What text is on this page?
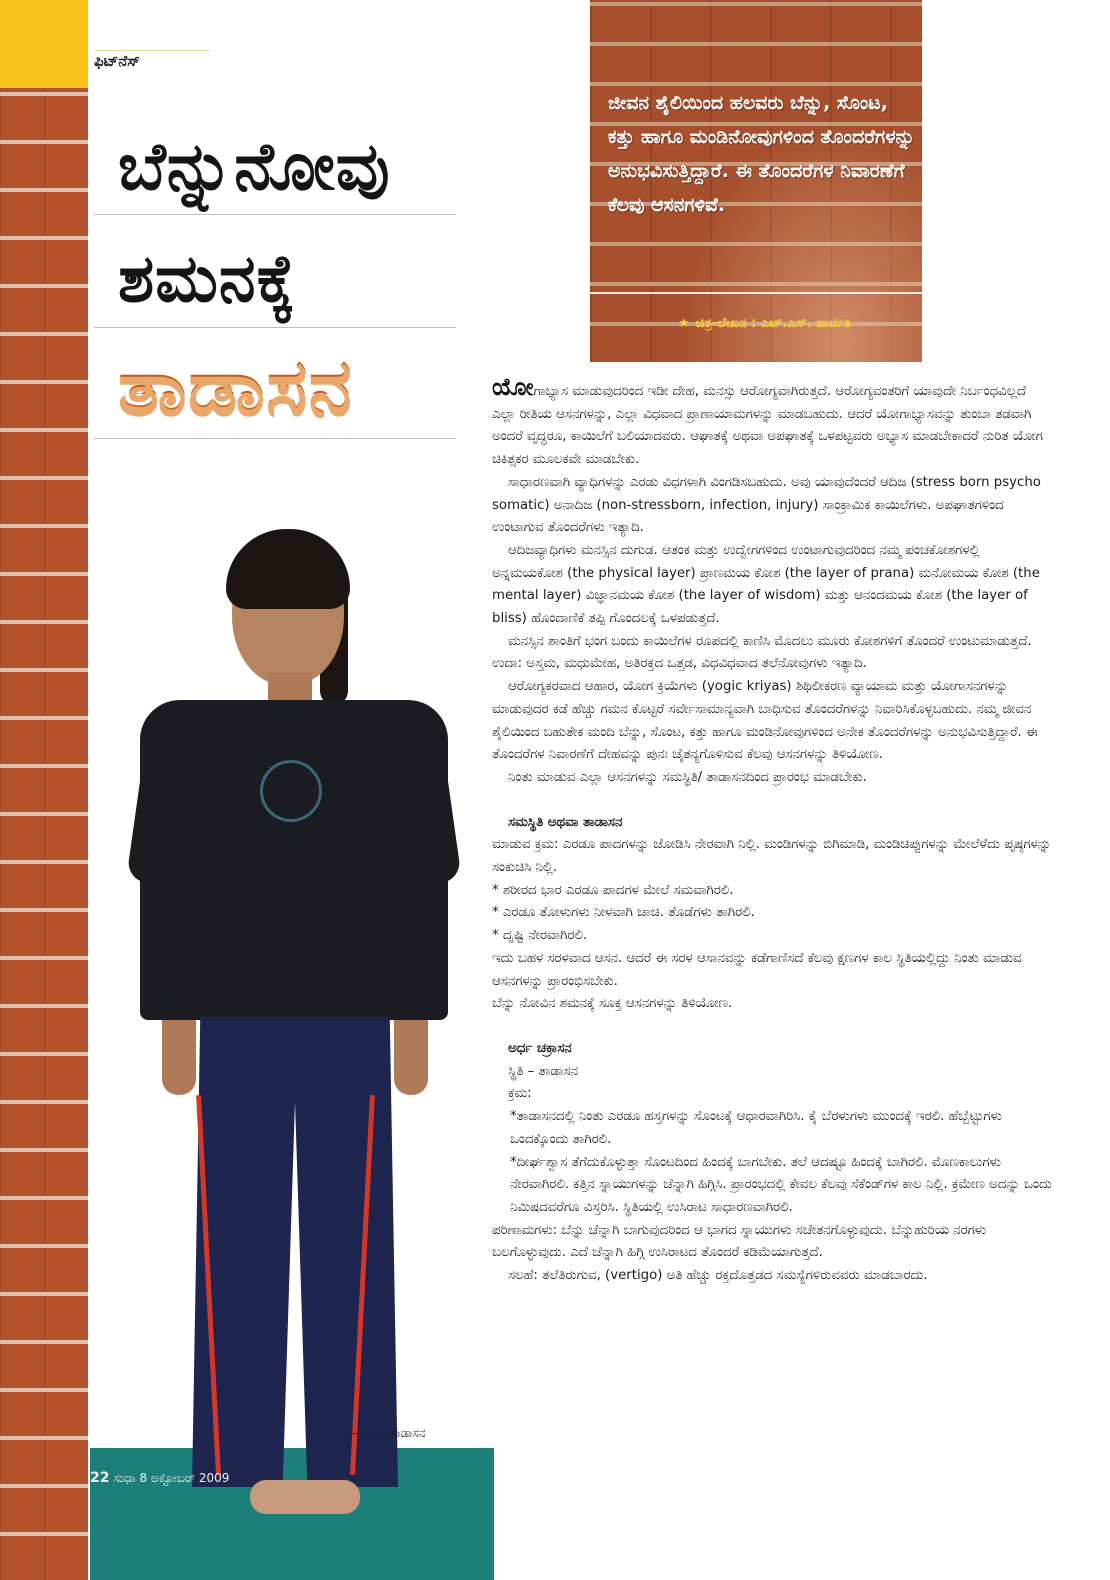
ಫಿಟ್‌ನೆಸ್
ಬೆನ್ನುನೋವು
ಶಮನಕ್ಕೆ
ತಾಡಾಸನ
ಜೀವನ ಶೈಲಿಯಿಂದ ಹಲವರು ಬೆನ್ನು, ಸೊಂಟ, ಕತ್ತು ಹಾಗೂ ಮಂಡಿನೋವುಗಳಿಂದ ತೊಂದರೆಗಳನ್ನು ಅನುಭವಿಸುತ್ತಿದ್ದಾರೆ. ಈ ತೊಂದರೆಗಳ ನಿವಾರಣೆಗೆ ಕೆಲವು ಆಸನಗಳಿವೆ.
★ ಚಿತ್ರ-ಲೇಖನ : ಎಚ್.ಎಸ್. ಪಾರ್ವತಿ
ತಾಡಾಸನ
22 ಸುಧಾ 8 ಅಕ್ಟೋಬರ್ 2009

ಯೋಗಾಭ್ಯಾಸ ಮಾಡುವುದರಿಂದ ಇಡೀ ದೇಹ, ಮನಸ್ಸು ಆರೋಗ್ಯವಾಗಿರುತ್ತದೆ. ಆರೋಗ್ಯವಂತರಿಗೆ ಯಾವುದೇ ನಿರ್ಬಂಧವಿಲ್ಲದೆ ಎಲ್ಲಾ ರೀತಿಯ ಆಸನಗಳನ್ನು, ಎಲ್ಲಾ ವಿಧವಾದ ಪ್ರಾಣಾಯಾಮಗಳನ್ನು ಮಾಡಬಹುದು. ಆದರೆ ಯೋಗಾಭ್ಯಾಸವನ್ನು ತುಂಬಾ ತಡವಾಗಿ ಅಂದರೆ ವೃದ್ಧರೂ, ಕಾಯಿಲೆಗೆ ಬಲಿಯಾದವರು. ಆಘಾತಕ್ಕೆ ಅಥವಾ ಅಪಘಾತಕ್ಕೆ ಒಳಪಟ್ಟವರು ಅಭ್ಯಾಸ ಮಾಡಬೇಕಾದರೆ ನುರಿತ ಯೋಗ ಚಿಕಿತ್ಸಕರ ಮೂಲಕವೇ ಮಾಡಬೇಕು.

ಸಾಧಾರಣವಾಗಿ ವ್ಯಾಧಿಗಳನ್ನು ಎರಡು ವಿಧಗಳಾಗಿ ವಿಂಗಡಿಸಬಹುದು. ಅವು ಯಾವುದೆಂದರೆ ಆದಿಜ (stress born psycho somatic) ಅನಾದಿಜ (non-stressborn, infection, injury) ಸಾಂಕ್ರಾಮಿಕ ಕಾಯಿಲೆಗಳು. ಅಪಘಾತಗಳಿಂದ ಉಂಟಾಗುವ ತೊಂದರೆಗಳು ಇತ್ಯಾದಿ.

ಆದಿಜವ್ಯಾಧಿಗಳು ಮನಸ್ಸಿನ ದುಗುಡ. ಆತಂಕ ಮತ್ತು ಉದ್ವೇಗಗಳಿಂದ ಉಂಟಾಗುವುದರಿಂದ ನಮ್ಮ ಪಂಚಕೋಶಗಳಲ್ಲಿ ಅನ್ನಮಯಕೋಶ (the physical layer) ಪ್ರಾಣಮಯ ಕೋಶ (the layer of prana) ಮನೋಮಯ ಕೋಶ (the mental layer) ವಿಜ್ಞಾನಮಯ ಕೋಶ (the layer of wisdom) ಮತ್ತು ಆನಂದಮಯ ಕೋಶ (the layer of bliss) ಹೊಂದಾಣಿಕೆ ತಪ್ಪಿ ಗೊಂದಲಕ್ಕೆ ಒಳಪಡುತ್ತದೆ.

ಮನಸ್ಸಿನ ಶಾಂತಿಗೆ ಭಂಗ ಬಂದು ಕಾಯಿಲೆಗಳ ರೂಪದಲ್ಲಿ ಕಾಣಿಸಿ ಮೊದಲು ಮೂರು ಕೋಶಗಳಿಗೆ ತೊಂದರೆ ಉಂಟುಮಾಡುತ್ತದೆ. ಉದಾ: ಅಸ್ತಮ, ಮಧುಮೇಹ, ಅತಿರಕ್ತದ ಒತ್ತಡ, ವಿಧವಿಧವಾದ ತಲೆನೋವುಗಳು ಇತ್ಯಾದಿ.

ಆರೋಗ್ಯಕರವಾದ ಆಹಾರ, ಯೋಗ ಕ್ರಿಯೆಗಳು (yogic kriyas) ಶಿಥಿಲೀಕರಣ ವ್ಯಾಯಾಮ ಮತ್ತು ಯೋಗಾಸನಗಳನ್ನು ಮಾಡುವುದರ ಕಡೆ ಹೆಚ್ಚು ಗಮನ ಕೊಟ್ಟರೆ ಸರ್ವೇಸಾಮಾನ್ಯವಾಗಿ ಬಾಧಿಸುವ ತೊಂದರೆಗಳನ್ನು ನಿವಾರಿಸಿಕೊಳ್ಳಬಹುದು. ನಮ್ಮ ಜೀವನ ಶೈಲಿಯಿಂದ ಬಹುತೇಕ ಮಂದಿ ಬೆನ್ನು, ಸೊಂಟ, ಕತ್ತು ಹಾಗೂ ಮಂಡಿನೋವುಗಳಿಂದ ಅನೇಕ ತೊಂದರೆಗಳನ್ನು ಅನುಭವಿಸುತ್ತಿದ್ದಾರೆ. ಈ ತೊಂದರೆಗಳ ನಿವಾರಣೆಗೆ ದೇಹವನ್ನು ಪುನಃ ಚೈತನ್ಯಗೊಳಿಸುವ ಕೆಲವು ಆಸನಗಳನ್ನು ತಿಳಿಯೋಣ.

ನಿಂತು ಮಾಡುವ ಎಲ್ಲಾ ಆಸನಗಳನ್ನು ಸಮಸ್ಥಿತಿ/ ತಾಡಾಸನದಿಂದ ಪ್ರಾರಂಭ ಮಾಡಬೇಕು.

ಸಮಸ್ಥಿತಿ ಅಥವಾ ತಾಡಾಸನ

ಮಾಡುವ ಕ್ರಮ: ಎರಡೂ ಪಾದಗಳನ್ನು ಜೋಡಿಸಿ ನೇರವಾಗಿ ನಿಲ್ಲಿ. ಮಂಡಿಗಳನ್ನು ಬಿಗಿಮಾಡಿ, ಮಂಡಿಚಿಪ್ಪುಗಳನ್ನು ಮೇಲೆಳೆದು ಪೃಷ್ಠಗಳನ್ನು ಸಂಕುಚಿಸಿ ನಿಲ್ಲಿ.

* ಶರೀರದ ಭಾರ ಎರಡೂ ಪಾದಗಳ ಮೇಲೆ ಸಮವಾಗಿರಲಿ.

* ಎರಡೂ ತೋಳುಗಳು ನೀಳವಾಗಿ ಚಾಚಿ. ತೊಡೆಗಳು ತಾಗಿರಲಿ.

* ದೃಷ್ಟಿ ನೇರವಾಗಿರಲಿ.

ಇದು ಬಹಳ ಸರಳವಾದ ಆಸನ. ಆದರೆ ಈ ಸರಳ ಆಸಾನವನ್ನು ಕಡೆಗಾಣಿಸದೆ ಕೆಲವು ಕ್ಷಣಗಳ ಕಾಲ ಸ್ಥಿತಿಯಲ್ಲಿದ್ದು ನಿಂತು ಮಾಡುವ ಆಸನಗಳನ್ನು ಪ್ರಾರಂಭಿಸಬೇಕು.

ಬೆನ್ನು ನೋವಿನ ಶಮನಕ್ಕೆ ಸೂಕ್ತ ಆಸನಗಳನ್ನು ತಿಳಿಯೋಣ.

ಅರ್ಧ ಚಕ್ರಾಸನ

ಸ್ಥಿತಿ – ತಾಡಾಸನ

ಕ್ರಮ:

*ತಾಡಾಸನದಲ್ಲಿ ನಿಂತು ಎರಡೂ ಹಸ್ತಗಳನ್ನು ಸೊಂಟಕ್ಕೆ ಆಧಾರವಾಗಿರಿಸಿ. ಕೈ ಬೆರಳುಗಳು ಮುಂದಕ್ಕೆ ಇರಲಿ. ಹೆಬ್ಬೆಟ್ಟುಗಳು ಒಂದಕ್ಕೊಂದು ತಾಗಿರಲಿ.

*ದೀರ್ಘಶ್ವಾಸ ತೆಗೆದುಕೊಳ್ಳುತ್ತಾ ಸೊಂಟದಿಂದ ಹಿಂದಕ್ಕೆ ಬಾಗಬೇಕು. ತಲೆ ಆದಷ್ಟೂ ಹಿಂದಕ್ಕೆ ಬಾಗಿರಲಿ. ಮೊಣಕಾಲುಗಳು ನೇರವಾಗಿರಲಿ. ಕತ್ತಿನ ಸ್ನಾಯುಗಳನ್ನು ಚೆನ್ನಾಗಿ ಹಿಗ್ಗಿಸಿ. ಪ್ರಾರಂಭದಲ್ಲಿ ಕೇವಲ ಕೆಲವು ಸೆಕೆಂಡ್‌ಗಳ ಕಾಲ ನಿಲ್ಲಿ. ಕ್ರಮೇಣ ಅದನ್ನು ಒಂದು ನಿಮಿಷದವರೆಗೂ ವಿಸ್ತರಿಸಿ. ಸ್ಥಿತಿಯಲ್ಲಿ ಉಸಿರಾಟ ಸಾಧಾರಣವಾಗಿರಲಿ.

ಪರಿಣಾಮಗಳು: ಬೆನ್ನು ಚೆನ್ನಾಗಿ ಬಾಗುವುದರಿಂದ ಆ ಭಾಗದ ಸ್ನಾಯುಗಳು ಸಚೇತನಗೊಳ್ಳುವುದು. ಬೆನ್ನುಹುರಿಯ ನರಗಳು ಬಲಗೊಳ್ಳುವುದು. ಎದೆ ಚೆನ್ನಾಗಿ ಹಿಗ್ಗಿ ಉಸಿರಾಟದ ತೊಂದರೆ ಕಡಿಮೆಯಾಗುತ್ತದೆ.

ಸಲಹೆ: ತಲೆತಿರುಗುವ, (vertigo) ಅತಿ ಹೆಚ್ಚು ರಕ್ತದೊತ್ತಡದ ಸಮಸ್ಯೆಗಳಿರುವವರು ಮಾಡಬಾರದು.
